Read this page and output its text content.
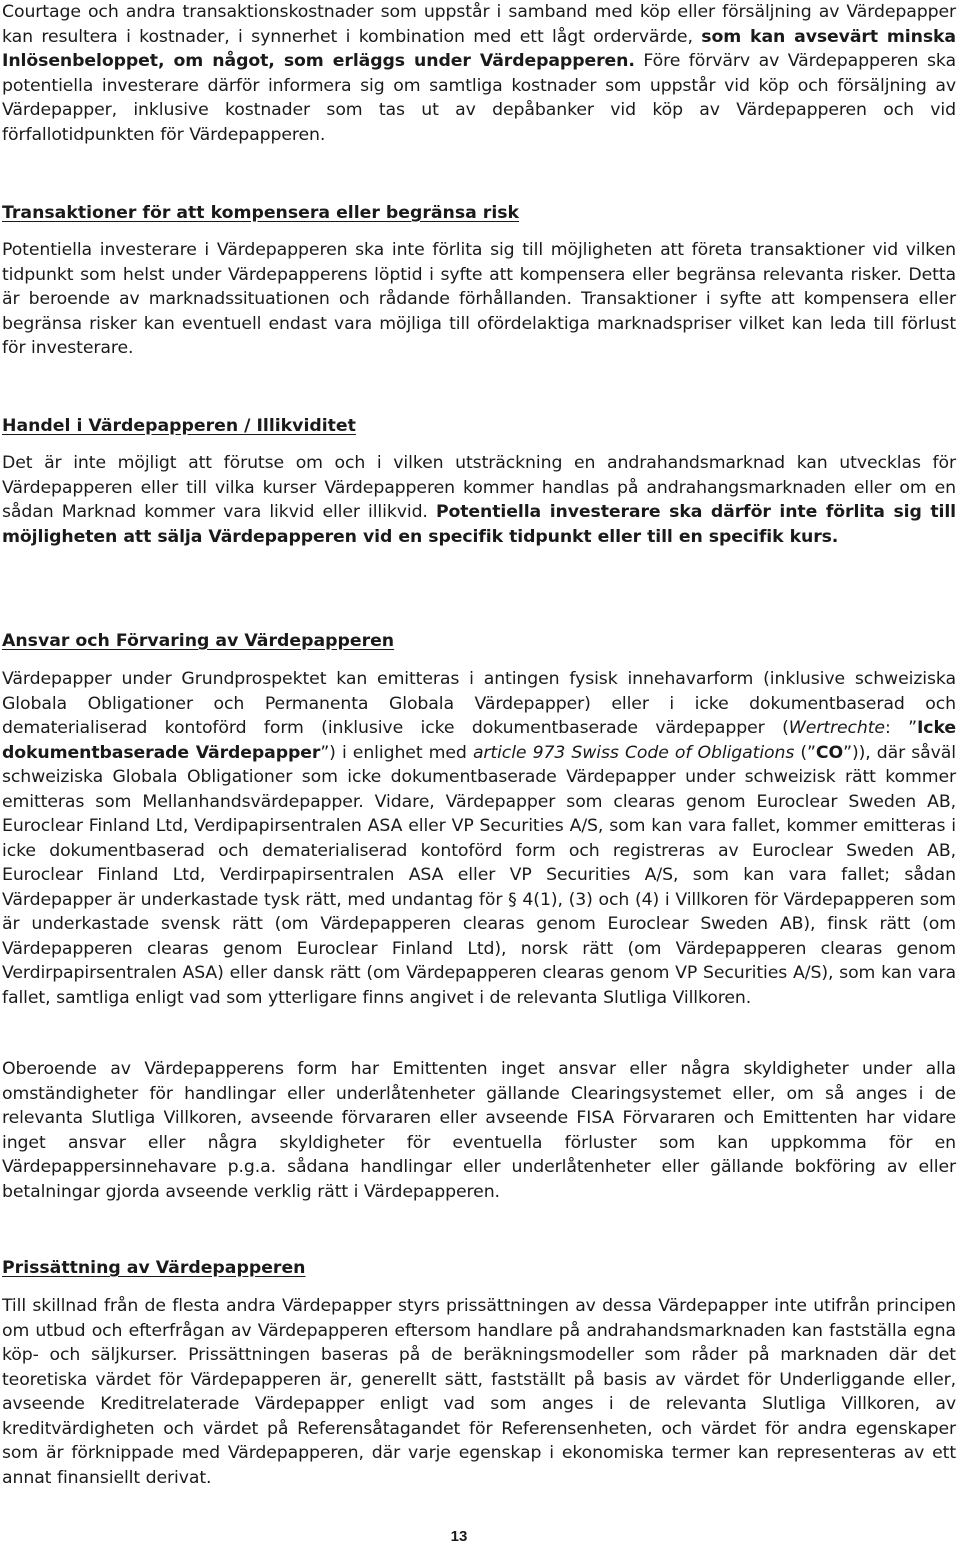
Courtage och andra transaktionskostnader som uppstår i samband med köp eller försäljning av Värdepapper kan resultera i kostnader, i synnerhet i kombination med ett lågt ordervärde, som kan avsevärt minska Inlösenbeloppet, om något, som erläggs under Värdepapperen. Före förvärv av Värdepapperen ska potentiella investerare därför informera sig om samtliga kostnader som uppstår vid köp och försäljning av Värdepapper, inklusive kostnader som tas ut av depåbanker vid köp av Värdepapperen och vid förfallotidpunkten för Värdepapperen.

Transaktioner för att kompensera eller begränsa risk

Potentiella investerare i Värdepapperen ska inte förlita sig till möjligheten att företa transaktioner vid vilken tidpunkt som helst under Värdepapperens löptid i syfte att kompensera eller begränsa relevanta risker. Detta är beroende av marknadssituationen och rådande förhållanden. Transaktioner i syfte att kompensera eller begränsa risker kan eventuell endast vara möjliga till ofördelaktiga marknadspriser vilket kan leda till förlust för investerare.

Handel i Värdepapperen / Illikviditet

Det är inte möjligt att förutse om och i vilken utsträckning en andrahandsmarknad kan utvecklas för Värdepapperen eller till vilka kurser Värdepapperen kommer handlas på andrahangsmarknaden eller om en sådan Marknad kommer vara likvid eller illikvid. Potentiella investerare ska därför inte förlita sig till möjligheten att sälja Värdepapperen vid en specifik tidpunkt eller till en specifik kurs.

Ansvar och Förvaring av Värdepapperen

Värdepapper under Grundprospektet kan emitteras i antingen fysisk innehavarform (inklusive schweiziska Globala Obligationer och Permanenta Globala Värdepapper) eller i icke dokumentbaserad och dematerialiserad kontoförd form (inklusive icke dokumentbaserade värdepapper (Wertrechte: ”Icke dokumentbaserade Värdepapper”) i enlighet med article 973 Swiss Code of Obligations (”CO”)), där såväl schweiziska Globala Obligationer som icke dokumentbaserade Värdepapper under schweizisk rätt kommer emitteras som Mellanhandsvärdepapper. Vidare, Värdepapper som clearas genom Euroclear Sweden AB, Euroclear Finland Ltd, Verdipapirsentralen ASA eller VP Securities A/S, som kan vara fallet, kommer emitteras i icke dokumentbaserad och dematerialiserad kontoförd form och registreras av Euroclear Sweden AB, Euroclear Finland Ltd, Verdirpapirsentralen ASA eller VP Securities A/S, som kan vara fallet; sådan Värdepapper är underkastade tysk rätt, med undantag för § 4(1), (3) och (4) i Villkoren för Värdepapperen som är underkastade svensk rätt (om Värdepapperen clearas genom Euroclear Sweden AB), finsk rätt (om Värdepapperen clearas genom Euroclear Finland Ltd), norsk rätt (om Värdepapperen clearas genom Verdirpapirsentralen ASA) eller dansk rätt (om Värdepapperen clearas genom VP Securities A/S), som kan vara fallet, samtliga enligt vad som ytterligare finns angivet i de relevanta Slutliga Villkoren.

Oberoende av Värdepapperens form har Emittenten inget ansvar eller några skyldigheter under alla omständigheter för handlingar eller underlåtenheter gällande Clearingsystemet eller, om så anges i de relevanta Slutliga Villkoren, avseende förvararen eller avseende FISA Förvararen och Emittenten har vidare inget ansvar eller några skyldigheter för eventuella förluster som kan uppkomma för en Värdepappersinnehavare p.g.a. sådana handlingar eller underlåtenheter eller gällande bokföring av eller betalningar gjorda avseende verklig rätt i Värdepapperen.

Prissättning av Värdepapperen

Till skillnad från de flesta andra Värdepapper styrs prissättningen av dessa Värdepapper inte utifrån principen om utbud och efterfrågan av Värdepapperen eftersom handlare på andrahandsmarknaden kan fastställa egna köp- och säljkurser. Prissättningen baseras på de beräkningsmodeller som råder på marknaden där det teoretiska värdet för Värdepapperen är, generellt sätt, fastställt på basis av värdet för Underliggande eller, avseende Kreditrelaterade Värdepapper enligt vad som anges i de relevanta Slutliga Villkoren, av kreditvärdigheten och värdet på Referensåtagandet för Referensenheten, och värdet för andra egenskaper som är förknippade med Värdepapperen, där varje egenskap i ekonomiska termer kan representeras av ett annat finansiellt derivat.

13
